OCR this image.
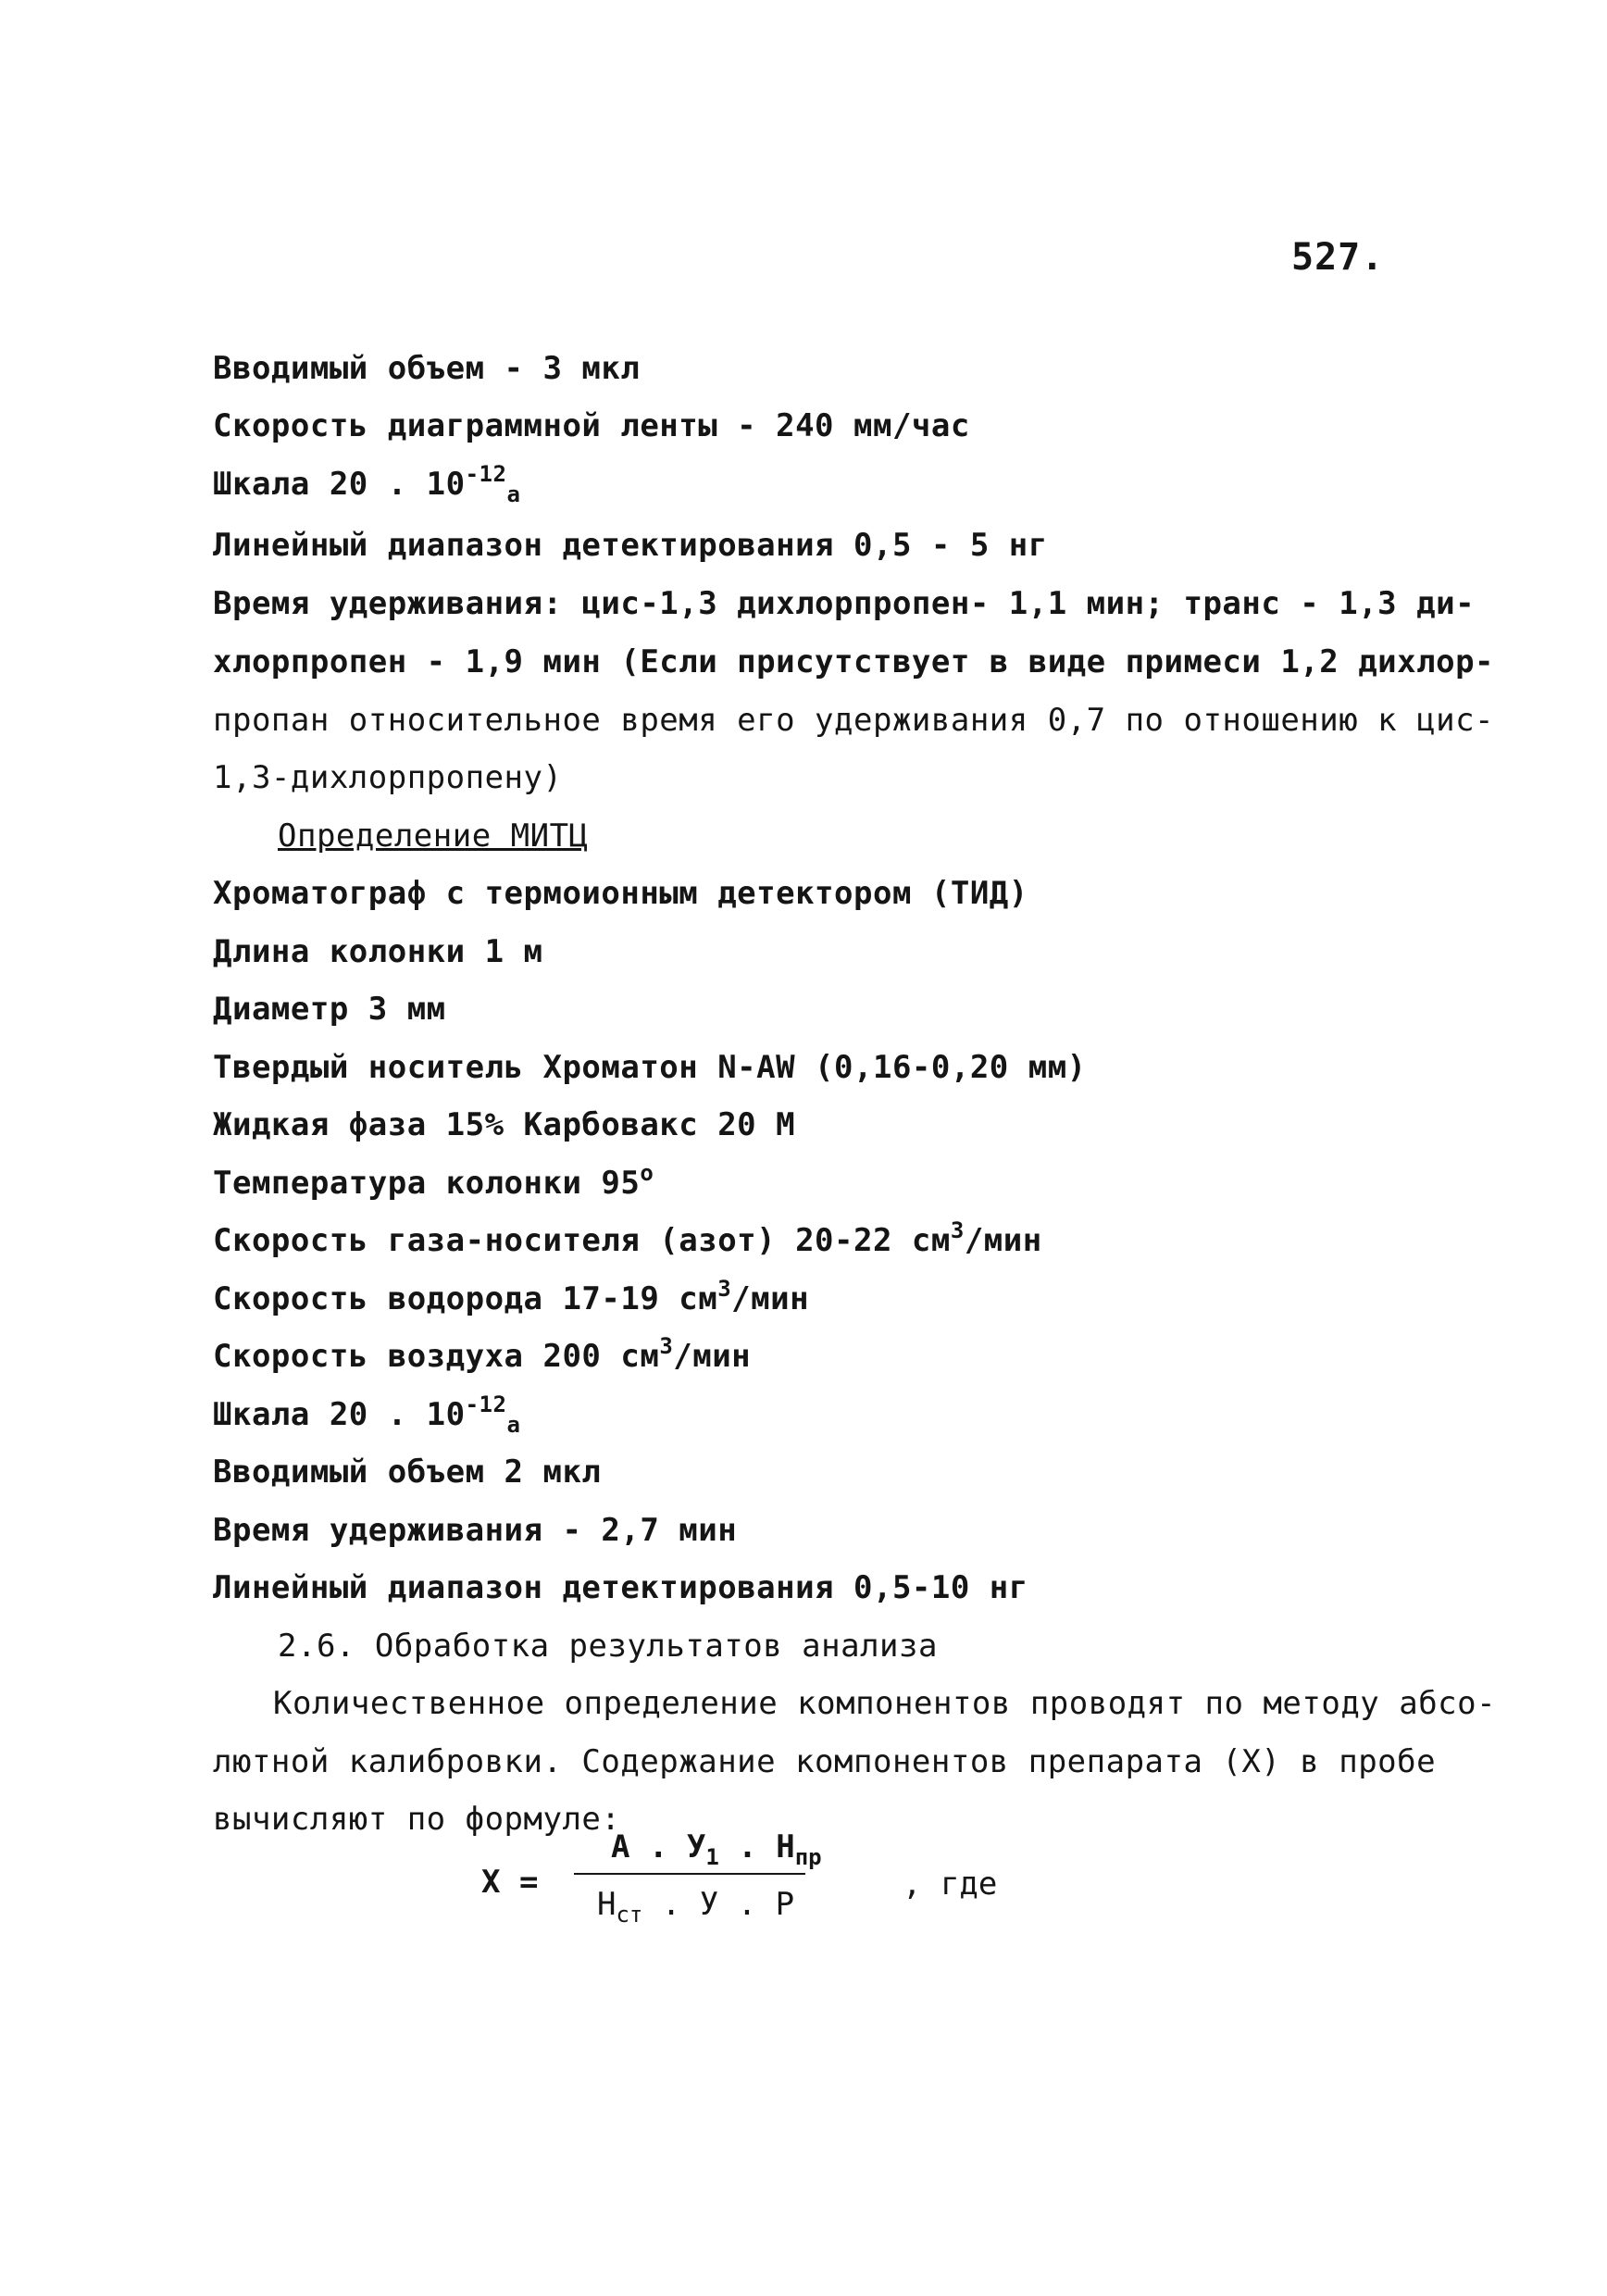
527.
Вводимый объем - 3 мкл
Скорость диаграммной ленты - 240 мм/час
Шкала 20 . $10^{-12}_а$
Линейный диапазон детектирования 0,5 - 5 нг
Время удерживания: цис-1,3 дихлорпропен- 1,1 мин; транс - 1,3 ди-
хлорпропен - 1,9 мин (Если присутствует в виде примеси 1,2 дихлор-
пропан относительное время его удерживания 0,7 по отношению к цис-
1,3-дихлорпропену)
Определение МИТЦ
Хроматограф с термоионным детектором (ТИД)
Длина колонки 1 м
Диаметр 3 мм
Твердый носитель Хроматон N-AW (0,16-0,20 мм)
Жидкая фаза 15% Карбовакс 20 М
Температура колонки $95^о$
Скорость газа-носителя (азот) 20-22 $см^3$/мин
Скорость водорода 17-19 $см^3$/мин
Скорость воздуха 200 $см^3$/мин
Шкала 20 . $10^{-12}_а$
Вводимый объем 2 мкл
Время удерживания - 2,7 мин
Линейный диапазон детектирования 0,5-10 нг
2.6. Обработка результатов анализа
Количественное определение компонентов проводят по методу абсо-
лютной калибровки. Содержание компонентов препарата (Х) в пробе
вычисляют по формуле:
Х =
А . $У_1$ . $Н_{пр}$
$Н_{ст}$ . У . Р
, где
